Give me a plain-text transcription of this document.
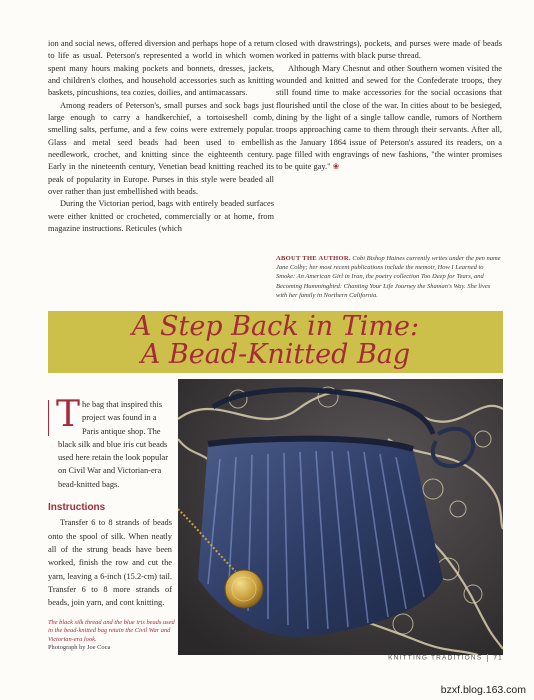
ion and social news, offered diversion and perhaps hope of a return to life as usual. Peterson's represented a world in which women spent many hours making pockets and bonnets, dresses, jackets, and children's clothes, and household accessories such as knitting baskets, pincushions, tea cozies, doilies, and antimacassars.

Among readers of Peterson's, small purses and sock bags just large enough to carry a handkerchief, a tortoiseshell comb, smelling salts, perfume, and a few coins were extremely popular. Glass and metal seed beads had been used to embellish needlework, crochet, and knitting since the eighteenth century. Early in the nineteenth century, Venetian bead knitting reached its peak of popularity in Europe. Purses in this style were beaded all over rather than just embellished with beads.

During the Victorian period, bags with entirely beaded surfaces were either knitted or crocheted, commercially or at home, from magazine instructions. Reticules (which

closed with drawstrings), pockets, and purses were made of beads worked in patterns with black purse thread.

Although Mary Chesnut and other Southern women visited the wounded and knitted and sewed for the Confederate troops, they still found time to make accessories for the social occasions that flourished until the close of the war. In cities about to be besieged, dining by the light of a single tallow candle, rumors of Northern troops approaching came to them through their servants. After all, as the January 1864 issue of Peterson's assured its readers, on a page filled with engravings of new fashions, "the winter promises to be quite gay." ❀

ABOUT THE AUTHOR. Cobi Bishop Haines currently writes under the pen name Jane Colby; her most recent publications include the memoir, How I Learned to Smoke: An American Girl in Iran, the poetry collection Too Deep for Tears, and Becoming Hummingbird: Chanting Your Life Journey the Shaman's Way. She lives with her family in Northern California.
A Step Back in Time:
A Bead-Knitted Bag

The bag that inspired this project was found in a Paris antique shop. The black silk and blue iris cut beads used here retain the look popular on Civil War and Victorian-era bead-knitted bags.

Instructions

Transfer 6 to 8 strands of beads onto the spool of silk. When neatly all of the strung beads have been worked, finish the row and cut the yarn, leaving a 6-inch (15.2-cm) tail. Transfer 6 to 8 more strands of beads, join yarn, and cont knitting.

The black silk thread and the blue iris beads used in the bead-knitted bag retain the Civil War and Victorian-era look.
Photograph by Joe Coca
KNITTING TRADITIONS 71
bzxf.blog.163.com
